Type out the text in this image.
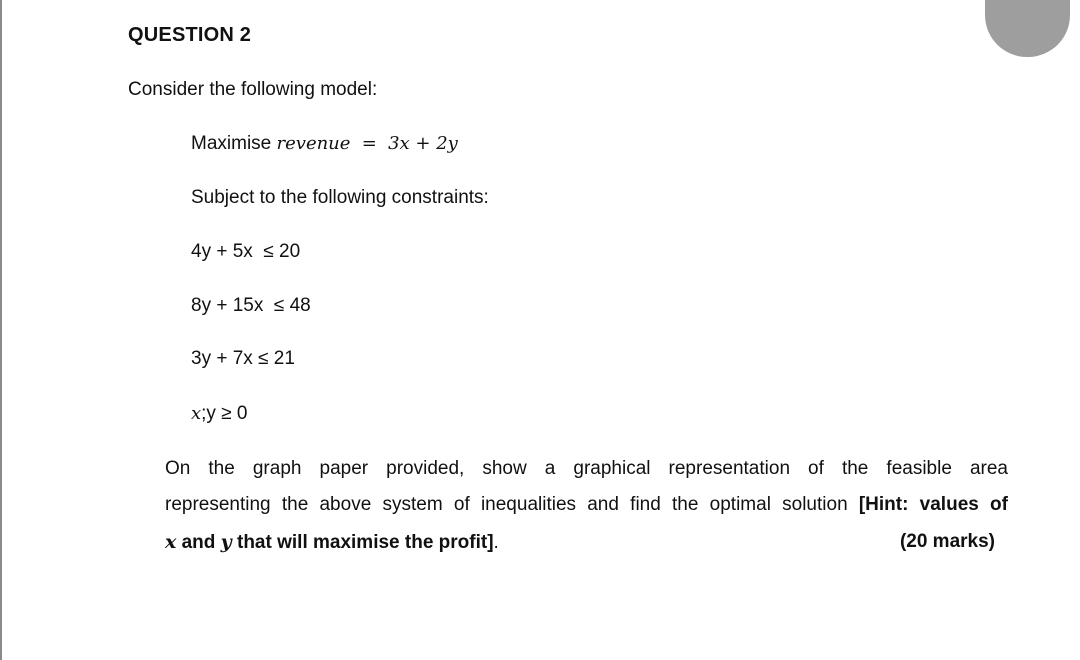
QUESTION 2
Consider the following model:
Maximise revenue = 3x + 2y
Subject to the following constraints:
4y + 5x  ≤ 20
8y + 15x  ≤ 48
3y + 7x ≤ 21
x;y ≥ 0
On the graph paper provided, show a graphical representation of the feasible area
representing the above system of inequalities and find the optimal solution [Hint: values of
x and y that will maximise the profit].	(20 marks)
